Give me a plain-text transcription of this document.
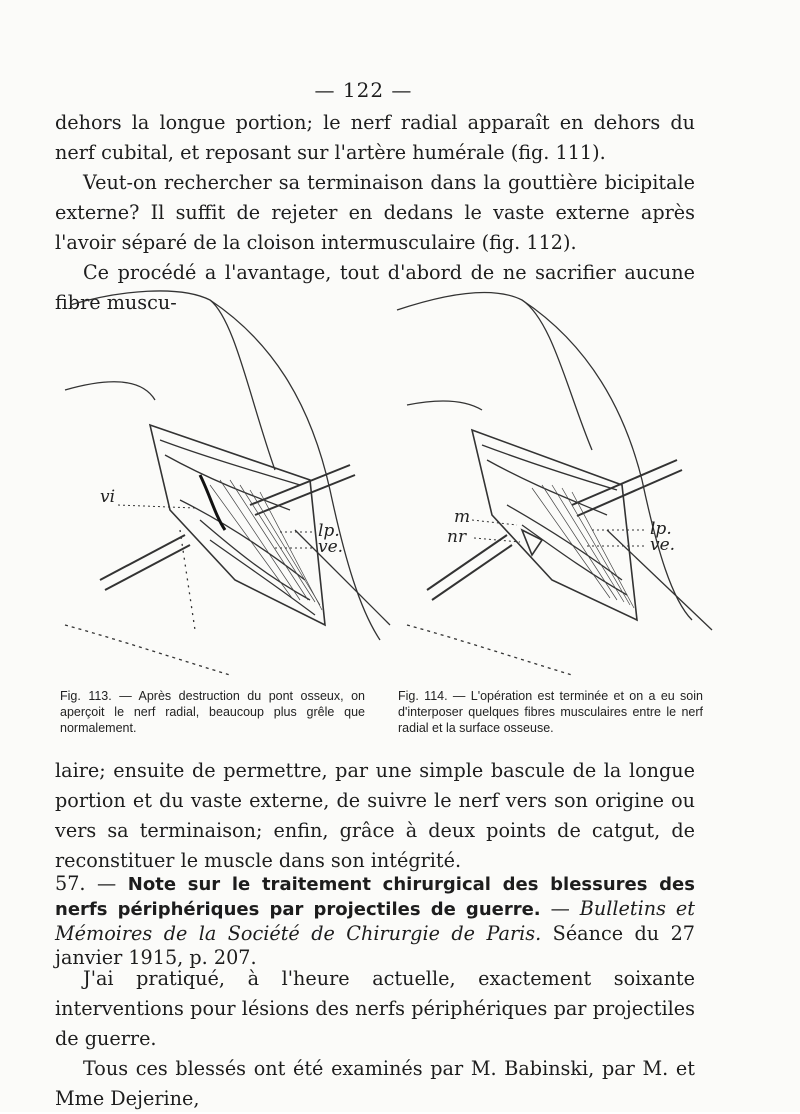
— 122 —

dehors la longue portion; le nerf radial apparaît en dehors du nerf cubital, et reposant sur l'artère humérale (fig. 111).

Veut-on rechercher sa terminaison dans la gouttière bicipitale externe? Il suffit de rejeter en dedans le vaste externe après l'avoir séparé de la cloison intermusculaire (fig. 112).

Ce procédé a l'avantage, tout d'abord de ne sacrifier aucune fibre muscu-

vi
lp.
ve.
m
nr	lp.
ve.
Fig. 113. — Après destruction du pont osseux, on aperçoit le nerf radial, beaucoup plus grêle que normalement.
Fig. 114. — L'opération est terminée et on a eu soin d'interposer quelques fibres musculaires entre le nerf radial et la surface osseuse.

laire; ensuite de permettre, par une simple bascule de la longue portion et du vaste externe, de suivre le nerf vers son origine ou vers sa terminaison; enfin, grâce à deux points de catgut, de reconstituer le muscle dans son intégrité.

57. — Note sur le traitement chirurgical des blessures des nerfs périphériques par projectiles de guerre. — Bulletins et Mémoires de la Société de Chirurgie de Paris. Séance du 27 janvier 1915, p. 207.

J'ai pratiqué, à l'heure actuelle, exactement soixante interventions pour lésions des nerfs périphériques par projectiles de guerre.

Tous ces blessés ont été examinés par M. Babinski, par M. et Mme Dejerine,
